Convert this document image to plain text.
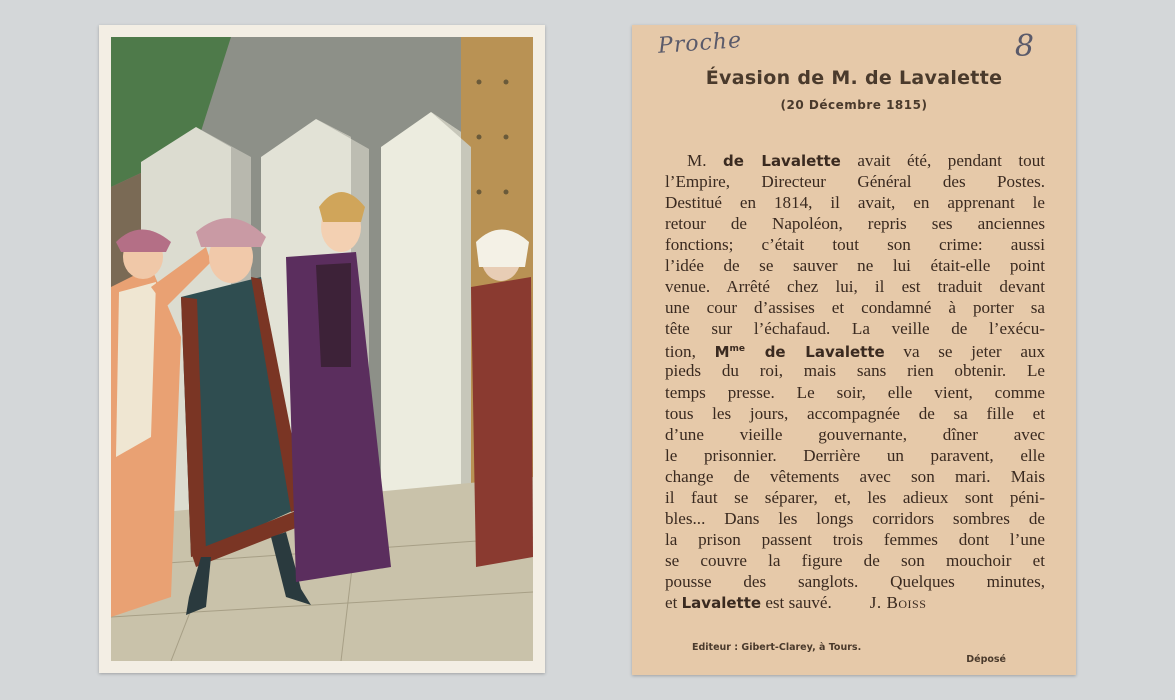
Proche	8
Évasion de M. de Lavalette
(20 Décembre 1815)
M. de Lavalette avait été, pendant tout
l’Empire, Directeur Général des Postes.
Destitué en 1814, il avait, en apprenant le
retour de Napoléon, repris ses anciennes
fonctions; c’était tout son crime: aussi
l’idée de se sauver ne lui était-elle point
venue. Arrêté chez lui, il est traduit devant
une cour d’assises et condamné à porter sa
tête sur l’échafaud. La veille de l’exécu-
tion, $M^{me}$ de Lavalette va se jeter aux
pieds du roi, mais sans rien obtenir. Le
temps presse. Le soir, elle vient, comme
tous les jours, accompagnée de sa fille et
d’une vieille gouvernante, dîner avec
le prisonnier. Derrière un paravent, elle
change de vêtements avec son mari. Mais
il faut se séparer, et, les adieux sont péni-
bles... Dans les longs corridors sombres de
la prison passent trois femmes dont l’une
se couvre la figure de son mouchoir et
pousse des sanglots. Quelques minutes,
et Lavalette est sauvé. J. Boiss
Editeur : Gibert-Clarey, à Tours.
Déposé
